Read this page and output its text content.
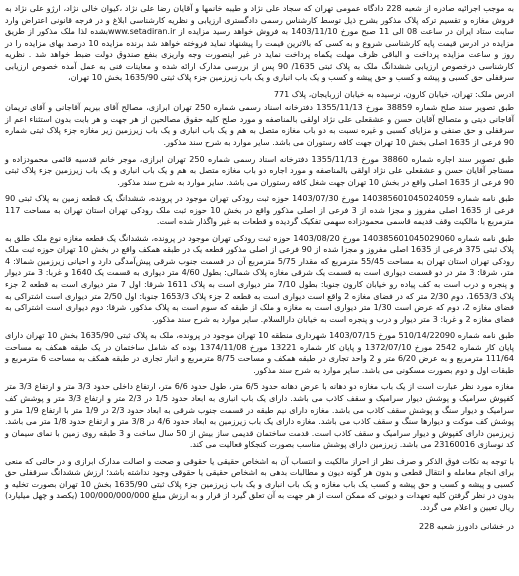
به موجب اجرائیه صادره از شعبه 228 دادگاه عمومی تهران که سجاد علی نژاد و طیبه خانمها و آقایان رضا علی نژاد ،کیوان خالی نژاد، ارژو علی نژاد به فروش مغازه و تقسیم ترکه پلاک مذکور بشرح ذیل توسط کارشناس رسمی دادگستری ارزیابی و نظریه کارشناسی ابلاغ و در فرجه قانونی اعتراض وارد سابت ستاد ایران در ساعت 08 الی 11 صبح مورخ 1403/11/10 به فروش خواهد رسید مزایده از www.setadiran.irبشده لذا ملک مذکور از طریق مزایده در ادرس قیمت پایه کارشناسی شروع و به کسی که بالاترین قیمت را پیشنهاد نماید فروخته خواهد شد برنده مزایده 10 درصد بهای مزایده را در روز و ساعت مزایده پرداخت و الباقی ظرف مهلت یکماه پرداخت نماید در غیر اینصورت وجه واریزی بنفع صندوق دولت ضبط خواهد شد . نظریه کارشناسی درخصوص ارزیابی ششدانگ ملک به پلاک ثبتی 1635/ 90 پس از بررسی مدارک ارائه شده و معاینات فنی به عمل آمده خصوص ارزیابی سرقفلی حق کسبی و پیشه و کسب و حق پیشه و کسب و یک باب انباری و یک باب زیرزمین جزء پلاک ثبتی 1635/90 بخش 10 تهران،

ادرس ملک: تهران، خیابان کارون، نرسیده به خیابان ازربایجان، پلاک 771

طبق تصویر سند صلح شماره 38859 مورخ 1355/11/13 دفترخانه اسناد رسمی شماره 250 تهران ابرازی، مصالح آقای بیریم آقاجانی و آقای تریمان آقاجانی دیتی و متصالح آقایان حسن و عشقعلی علی نژاد اولقی بالمناصفه و مورد صلح کلیه حقوق مصالحین از هر جهت و هر بابت بدون استثناء اعم از سرقفلی و حق صنفی و مزایای کسبی و غیره نسبت به دو باب مغازه متصل به هم و یک باب انباری و یک باب زیرزمین زیر مغازه جزء پلاک ثبتی شماره 90 فرعی از 1635 اصلی بخش 10 تهران جهت کافه رستوران می باشد. سایر موارد به شرح سند مذکور.

طبق تصویر سند اجاره شماره 38860 مورخ 1355/11/13 دفترخانه اسناد رسمی شماره 250 تهران ابرازی، موجر خانم قدسیه قائمی محمودزاده و مستاجر آقایان حسن و عشقعلی علی نژاد اولقی بالمناصفه و مورد اجاره دو باب مغازه متصل به هم و یک باب انباری و یک باب زیرزمین جزء پلاک ثبتی 90 فرعی از 1635 اصلی واقع در بخش 10 تهران جهت شغل کافه رستوران می باشد. سایر موارد به شرح سند مذکور.

طبق نامه شماره 140385601045024059 مورخ 1403/07/30 حوزه ثبت رودکی تهران موجود در پرونده، ششدانگ یک قطعه زمین به پلاک ثبتی 90 فرعی از 1635 اصلی مفروز و مجزا شده از 3 فرعی از اصلی مذکور واقع در بخش 10 حوزه ثبت ملک رودکی تهران استان تهران به مساحت 117 مترمربع با مالکیت وقف قدیمه قاسمی محمودزاده سهمی تفکیک گردیده و قطعات به غیر واگذار شده است.

طبق نامه شماره 140385601045029060 مورخ 1403/08/20 حوزه ثبت رودکی تهران موجود در پرونده، ششدانگ یک قطعه مغازه نوع ملک طلق به پلاک ثبتی 375 فرعی از 1635 اصلی مفروز و مجزا شده از 90 فرعی از اصلی مذکور قطعه یک در طبقه همکف واقع در بخش 10 تهران حوزه ثبت ملک رودکی تهران استان تهران به مساحت 55/45 مترمربع که مقدار 5/75 مترمربع آن در قسمت جنوب شرقی پیش‌آمدگی دارد و احیانی زیرزمین شمالا: 4 متر، شرقا: 3 متر در دو قسمت دیواری است به قسمت یک شرقی مغازه پلاک شمالی: بطول 4/60 متر دیواری به قسمت یک 1640 و غربا: 3 متر دیوار و پنجره و درب است به کف پیاده رو خیابان کارون جنوبا: بطول 7/10 متر دیواری است به پلاک 1611 شرقا: اول 7 متر دیواری است به قطعه 2 جزء پلاک 1653/3، دوم 2/30 متر که در فضای مغازه 2 واقع است دیواری است به قطعه 2 جزء پلاک 1653/3 جنوبا: اول 2/50 متر دیواری است اشتراکی به فضای مغازه 2، دوم که عرض است 1/30 متر دیواری است به مغازه و ملک از طبقه که سوم است به پلاک مذکور، شرقا: دوم دیواری است اشتراکی به فضای مغازه 2 و غربا: 3 متر دیوار و درب و پنجره است به خیابان دارالسلام. سایر موارد به شرح سند مذکور.

طبق نامه شماره 510/14/22090 مورخ 1403/07/15 شهرداری منطقه 10 تهران موجود در پرونده، ملک به پلاک ثبتی 1635/90 بخش 10 تهران دارای پایان کار شماره 2542 مورخ 1372/07/10 و پایان کار شماره 13221 مورخ 1374/11/08 بوده که شامل ساختمان در یک طبقه همکف به مساحت 111/64 مترمربع و به عرض 6/20 متر و 2 واحد تجاری در طبقه همکف و مساحت 8/75 مترمربع و انبار تجاری در طبقه همکف به مساحت 6 مترمربع و طبقات اول و دوم بصورت مسکونی می باشد. سایر موارد به شرح سند مذکور.

مغازه مورد نظر عبارت است از یک باب مغازه دو دهانه با عرض دهانه حدود 6/5 متر، طول حدود 6/6 متر، ارتفاع داخلی حدود 3/3 متر و ارتفاع 3/3 متر کفپوش سرامیک و پوشش دیوار سرامیک و سقف کاذب می باشد. دارای یک باب انباری به ابعاد حدود 1/5 در 2/3 متر و ارتفاع 3/3 متر و پوشش کف سرامیک و دیوار سنگ و پوشش سقف کاذب می باشد. مغازه دارای نیم طبقه در قسمت جنوب شرقی به ابعاد حدود 2/3 در 1/9 متر با ارتفاع 1/9 متر و پوشش کف موکت و دیوارها سنگ و سقف کاذب می باشد. مغازه دارای یک باب زیرزمین به ابعاد حدود 4/6 در 3/8 متر و ارتفاع حدود 1/8 متر می باشد. زیرزمین دارای کفپوش و دیوار سرامیک و سقف کاذب است. قدمت ساختمان قدیمی ساز بیش از 50 سال ساخت و 3 طبقه روی زمین با نمای سیمان و کد نوسازی 23160016 می باشد. زیرزمین دارای پوشش مناسب بصورت کنجکاو فعالیت می کند.

با توجه به نکات فوق الذکر و صرف نظر از احراز مالکیت و انتساب آن به اشخاص حقیقی یا حقوقی و صحت و اصالت مدارک ابرازی و در حالتی که منعی برای انجام معامله و انتقال قطعی و بدون هر گونه دیون و مطالبات بدهی به اشخاص حقیقی یا حقوقی وجود نداشته باشد؛ ارزش ششدانگ سرقفلی حق کسبی و پیشه و کسب و حق پیشه و کسب یک باب مغازه و یک باب انباری و یک باب زیرزمین جزء پلاک ثبتی 1635/90 بخش 10 تهران بصورت تخلیه و بدون در نظر گرفتن کلیه تعهدات و دیونی که ممکن است از هر جهت به آن تعلق گیرد از قرار و به ارزش مبلغ 100/000/000/000 (یکصد و چهل میلیارد) ریال تعیین و اعلام می گردد.

در خشانی دادورز شعبه 228
